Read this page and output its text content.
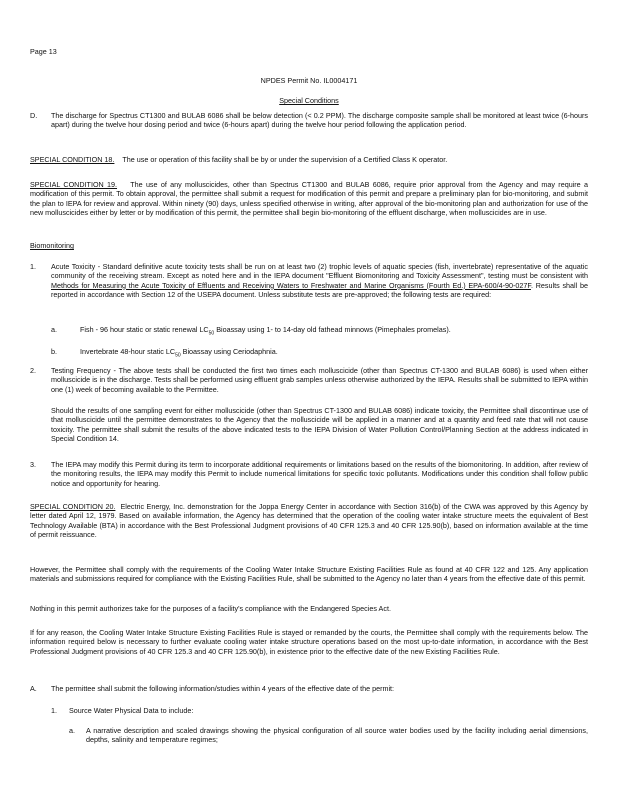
Page 13
NPDES Permit No. IL0004171
Special Conditions
D. The discharge for Spectrus CT1300 and BULAB 6086 shall be below detection (< 0.2 PPM). The discharge composite sample shall be monitored at least twice (6-hours apart) during the twelve hour dosing period and twice (6-hours apart) during the twelve hour period following the application period.
SPECIAL CONDITION 18. The use or operation of this facility shall be by or under the supervision of a Certified Class K operator.
SPECIAL CONDITION 19. The use of any molluscicides, other than Spectrus CT1300 and BULAB 6086, require prior approval from the Agency and may require a modification of this permit. To obtain approval, the permittee shall submit a request for modification of this permit and prepare a preliminary plan for bio-monitoring, and submit the plan to IEPA for review and approval. Within ninety (90) days, unless specified otherwise in writing, after approval of the bio-monitoring plan and authorization for use of the new molluscicides either by letter or by modification of this permit, the permittee shall begin bio-monitoring of the effluent discharge, when molluscicides are in use.
Biomonitoring
1. Acute Toxicity - Standard definitive acute toxicity tests shall be run on at least two (2) trophic levels of aquatic species (fish, invertebrate) representative of the aquatic community of the receiving stream. Except as noted here and in the IEPA document "Effluent Biomonitoring and Toxicity Assessment", testing must be consistent with Methods for Measuring the Acute Toxicity of Effluents and Receiving Waters to Freshwater and Marine Organisms (Fourth Ed.) EPA-600/4-90-027F. Results shall be reported in accordance with Section 12 of the USEPA document. Unless substitute tests are pre-approved; the following tests are required:
a.	Fish - 96 hour static or static renewal $LC_{50}$ Bioassay using 1- to 14-day old fathead minnows (Pimephales promelas).
b.	Invertebrate 48-hour static $LC_{50}$ Bioassay using Ceriodaphnia.
2. Testing Frequency - The above tests shall be conducted the first two times each molluscicide (other than Spectrus CT-1300 and BULAB 6086) is used when either molluscicide is in the discharge. Tests shall be performed using effluent grab samples unless otherwise authorized by the IEPA. Results shall be submitted to IEPA within one (1) week of becoming available to the Permittee.
Should the results of one sampling event for either molluscicide (other than Spectrus CT-1300 and BULAB 6086) indicate toxicity, the Permittee shall discontinue use of that molluscicide until the permittee demonstrates to the Agency that the molluscicide will be applied in a manner and at a quantity and feed rate that will not cause toxicity. The permittee shall submit the results of the above indicated tests to the IEPA Division of Water Pollution Control/Planning Section at the address indicated in Special Condition 14.
3. The IEPA may modify this Permit during its term to incorporate additional requirements or limitations based on the results of the biomonitoring. In addition, after review of the monitoring results, the IEPA may modify this Permit to include numerical limitations for specific toxic pollutants. Modifications under this condition shall follow public notice and opportunity for hearing.
SPECIAL CONDITION 20. Electric Energy, Inc. demonstration for the Joppa Energy Center in accordance with Section 316(b) of the CWA was approved by this Agency by letter dated April 12, 1979. Based on available information, the Agency has determined that the operation of the cooling water intake structure meets the equivalent of Best Technology Available (BTA) in accordance with the Best Professional Judgment provisions of 40 CFR 125.3 and 40 CFR 125.90(b), based on information available at the time of permit reissuance.
However, the Permittee shall comply with the requirements of the Cooling Water Intake Structure Existing Facilities Rule as found at 40 CFR 122 and 125. Any application materials and submissions required for compliance with the Existing Facilities Rule, shall be submitted to the Agency no later than 4 years from the effective date of this permit.
Nothing in this permit authorizes take for the purposes of a facility's compliance with the Endangered Species Act.
If for any reason, the Cooling Water Intake Structure Existing Facilities Rule is stayed or remanded by the courts, the Permittee shall comply with the requirements below. The information required below is necessary to further evaluate cooling water intake structure operations based on the most up-to-date information, in accordance with the Best Professional Judgment provisions of 40 CFR 125.3 and 40 CFR 125.90(b), in existence prior to the effective date of the new Existing Facilities Rule.
A. The permittee shall submit the following information/studies within 4 years of the effective date of the permit:
1. Source Water Physical Data to include:
a. A narrative description and scaled drawings showing the physical configuration of all source water bodies used by the facility including aerial dimensions, depths, salinity and temperature regimes;
